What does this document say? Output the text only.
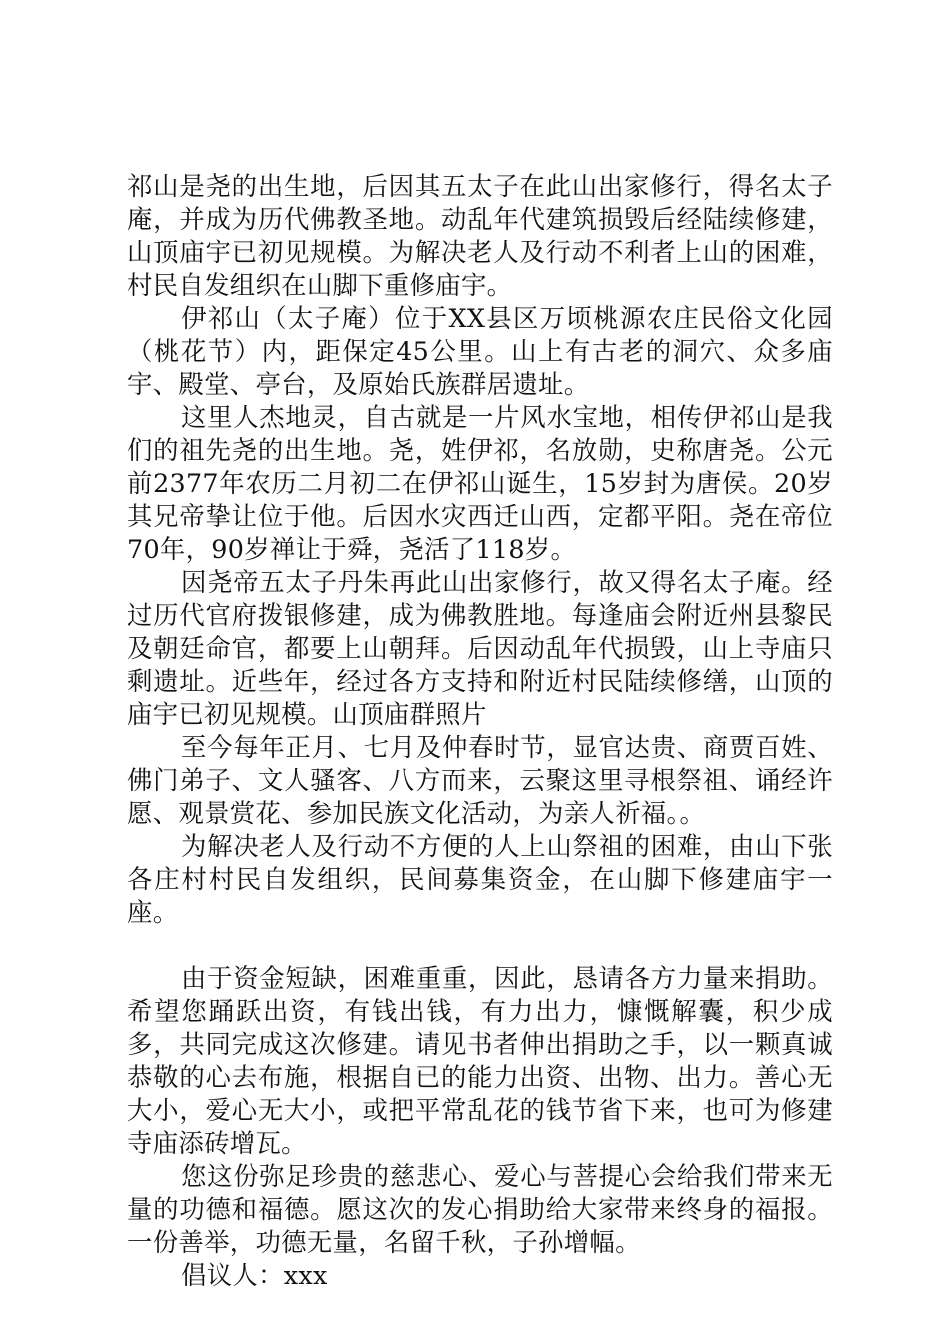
祁山是尧的出生地，后因其五太子在此山出家修行，得名太子庵，并成为历代佛教圣地。动乱年代建筑损毁后经陆续修建，山顶庙宇已初见规模。为解决老人及行动不利者上山的困难，村民自发组织在山脚下重修庙宇。

伊祁山（太子庵）位于XX县区万顷桃源农庄民俗文化园（桃花节）内，距保定45公里。山上有古老的洞穴、众多庙宇、殿堂、亭台，及原始氏族群居遗址。

这里人杰地灵，自古就是一片风水宝地，相传伊祁山是我们的祖先尧的出生地。尧，姓伊祁，名放勋，史称唐尧。公元前2377年农历二月初二在伊祁山诞生，15岁封为唐侯。20岁其兄帝挚让位于他。后因水灾西迁山西，定都平阳。尧在帝位70年，90岁禅让于舜，尧活了118岁。

因尧帝五太子丹朱再此山出家修行，故又得名太子庵。经过历代官府拨银修建，成为佛教胜地。每逢庙会附近州县黎民及朝廷命官，都要上山朝拜。后因动乱年代损毁，山上寺庙只剩遗址。近些年，经过各方支持和附近村民陆续修缮，山顶的庙宇已初见规模。山顶庙群照片

至今每年正月、七月及仲春时节，显官达贵、商贾百姓、佛门弟子、文人骚客、八方而来，云聚这里寻根祭祖、诵经许愿、观景赏花、参加民族文化活动，为亲人祈福。。

为解决老人及行动不方便的人上山祭祖的困难，由山下张各庄村村民自发组织，民间募集资金，在山脚下修建庙宇一座。

由于资金短缺，困难重重，因此，恳请各方力量来捐助。希望您踊跃出资，有钱出钱，有力出力，慷慨解囊，积少成多，共同完成这次修建。请见书者伸出捐助之手，以一颗真诚恭敬的心去布施，根据自已的能力出资、出物、出力。善心无大小，爱心无大小，或把平常乱花的钱节省下来，也可为修建寺庙添砖增瓦。

您这份弥足珍贵的慈悲心、爱心与菩提心会给我们带来无量的功德和福德。愿这次的发心捐助给大家带来终身的福报。一份善举，功德无量，名留千秋，子孙增幅。

倡议人：xxx
